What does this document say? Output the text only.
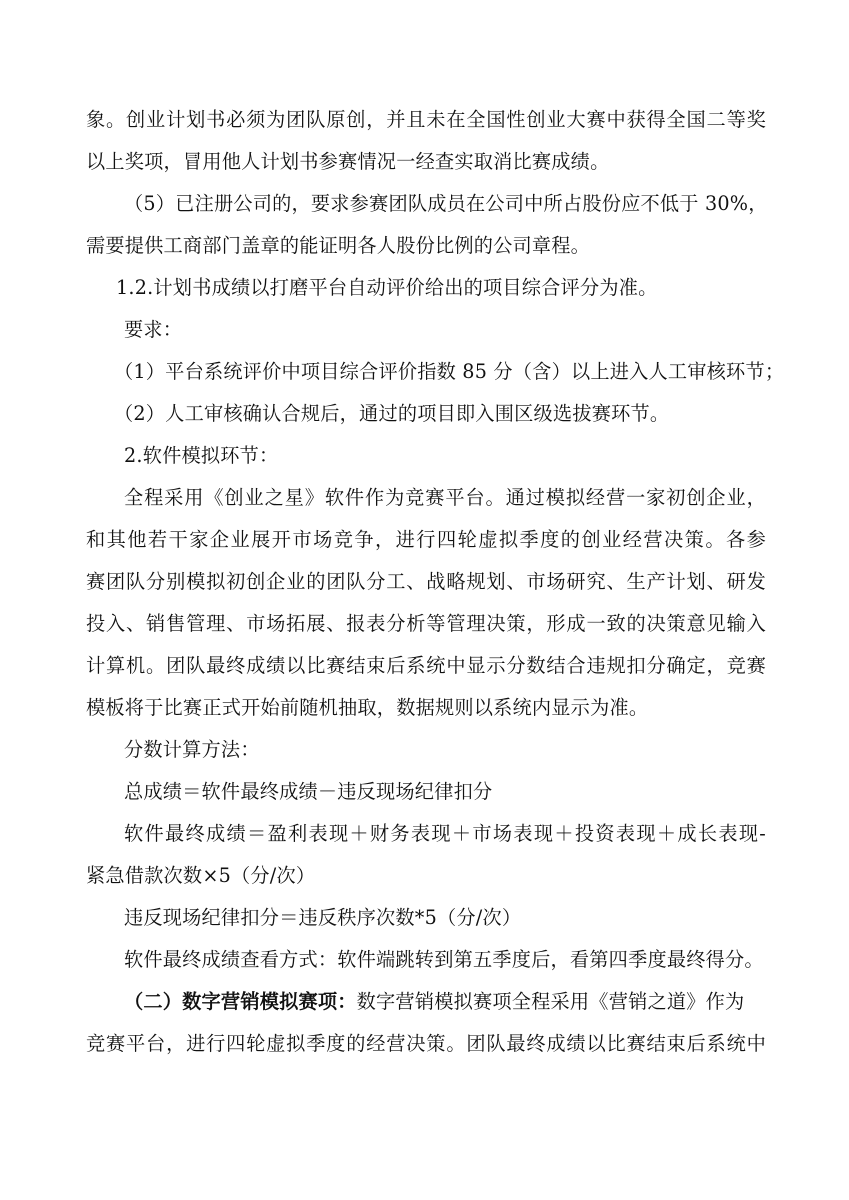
象。创业计划书必须为团队原创，并且未在全国性创业大赛中获得全国二等奖
以上奖项，冒用他人计划书参赛情况一经查实取消比赛成绩。
（5）已注册公司的，要求参赛团队成员在公司中所占股份应不低于 30%，
需要提供工商部门盖章的能证明各人股份比例的公司章程。
1.2.计划书成绩以打磨平台自动评价给出的项目综合评分为准。
要求：
（1）平台系统评价中项目综合评价指数 85 分（含）以上进入人工审核环节；
（2）人工审核确认合规后，通过的项目即入围区级选拔赛环节。
2.软件模拟环节：
全程采用《创业之星》软件作为竞赛平台。通过模拟经营一家初创企业，
和其他若干家企业展开市场竞争，进行四轮虚拟季度的创业经营决策。各参
赛团队分别模拟初创企业的团队分工、战略规划、市场研究、生产计划、研发
投入、销售管理、市场拓展、报表分析等管理决策，形成一致的决策意见输入
计算机。团队最终成绩以比赛结束后系统中显示分数结合违规扣分确定，竞赛
模板将于比赛正式开始前随机抽取，数据规则以系统内显示为准。
分数计算方法：
总成绩＝软件最终成绩－违反现场纪律扣分
软件最终成绩＝盈利表现＋财务表现＋市场表现＋投资表现＋成长表现-
紧急借款次数×5（分/次）
违反现场纪律扣分＝违反秩序次数*5（分/次）
软件最终成绩查看方式：软件端跳转到第五季度后，看第四季度最终得分。
（二）数字营销模拟赛项：数字营销模拟赛项全程采用《营销之道》作为
竞赛平台，进行四轮虚拟季度的经营决策。团队最终成绩以比赛结束后系统中
